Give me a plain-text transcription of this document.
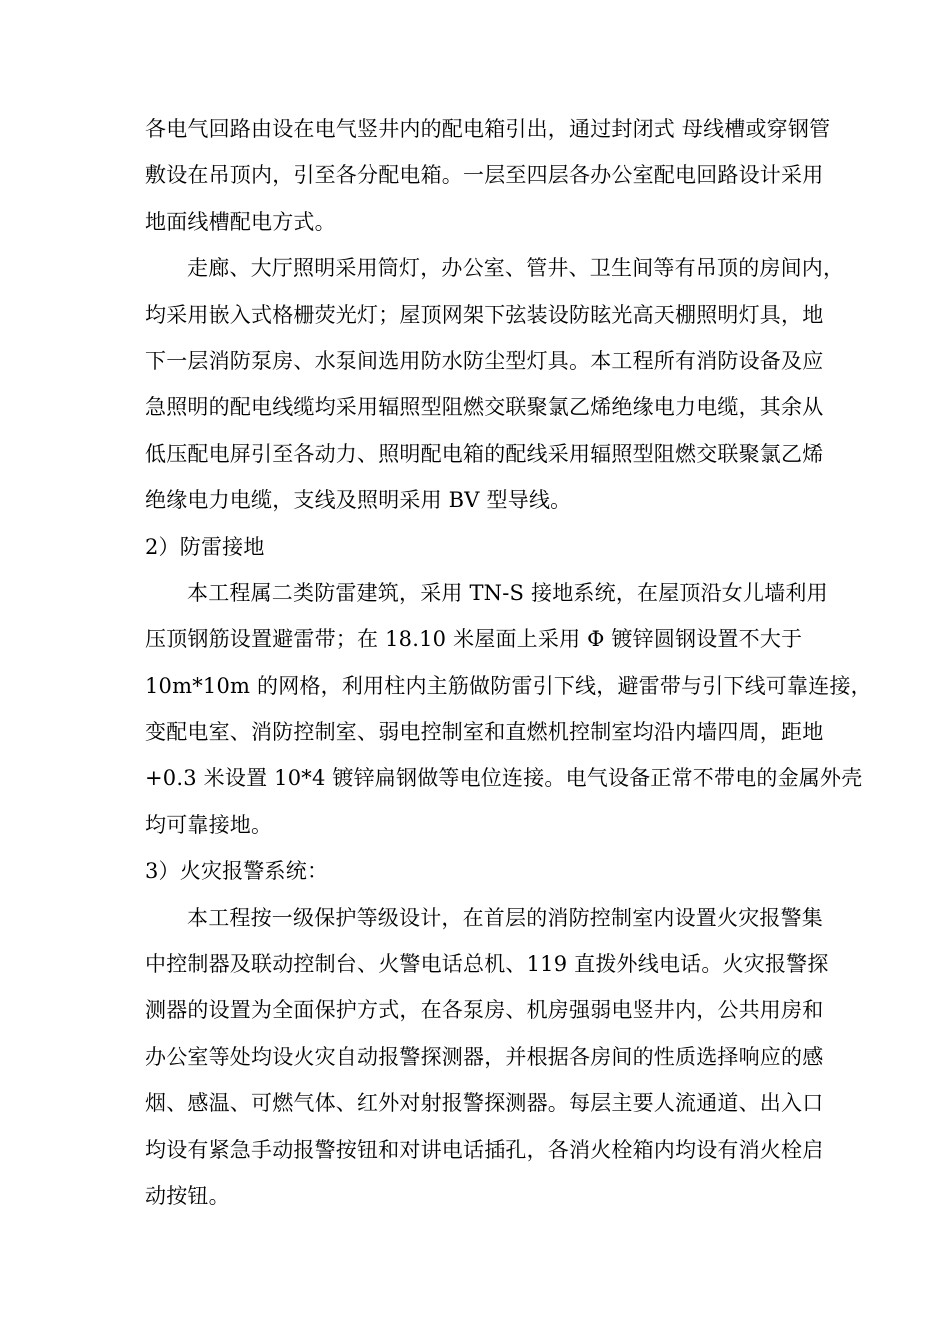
各电气回路由设在电气竖井内的配电箱引出，通过封闭式 母线槽或穿钢管
敷设在吊顶内，引至各分配电箱。一层至四层各办公室配电回路设计采用
地面线槽配电方式。
走廊、大厅照明采用筒灯，办公室、管井、卫生间等有吊顶的房间内，
均采用嵌入式格栅荧光灯；屋顶网架下弦装设防眩光高天棚照明灯具，地
下一层消防泵房、水泵间选用防水防尘型灯具。本工程所有消防设备及应
急照明的配电线缆均采用辐照型阻燃交联聚氯乙烯绝缘电力电缆，其余从
低压配电屏引至各动力、照明配电箱的配线采用辐照型阻燃交联聚氯乙烯
绝缘电力电缆，支线及照明采用 BV 型导线。
2）防雷接地
本工程属二类防雷建筑，采用 TN-S 接地系统，在屋顶沿女儿墙利用
压顶钢筋设置避雷带；在 18.10 米屋面上采用 Φ 镀锌圆钢设置不大于
10m*10m 的网格，利用柱内主筋做防雷引下线，避雷带与引下线可靠连接，
变配电室、消防控制室、弱电控制室和直燃机控制室均沿内墙四周，距地
+0.3 米设置 10*4 镀锌扁钢做等电位连接。电气设备正常不带电的金属外壳
均可靠接地。
3）火灾报警系统：
本工程按一级保护等级设计，在首层的消防控制室内设置火灾报警集
中控制器及联动控制台、火警电话总机、119 直拨外线电话。火灾报警探
测器的设置为全面保护方式，在各泵房、机房强弱电竖井内，公共用房和
办公室等处均设火灾自动报警探测器，并根据各房间的性质选择响应的感
烟、感温、可燃气体、红外对射报警探测器。每层主要人流通道、出入口
均设有紧急手动报警按钮和对讲电话插孔，各消火栓箱内均设有消火栓启
动按钮。
